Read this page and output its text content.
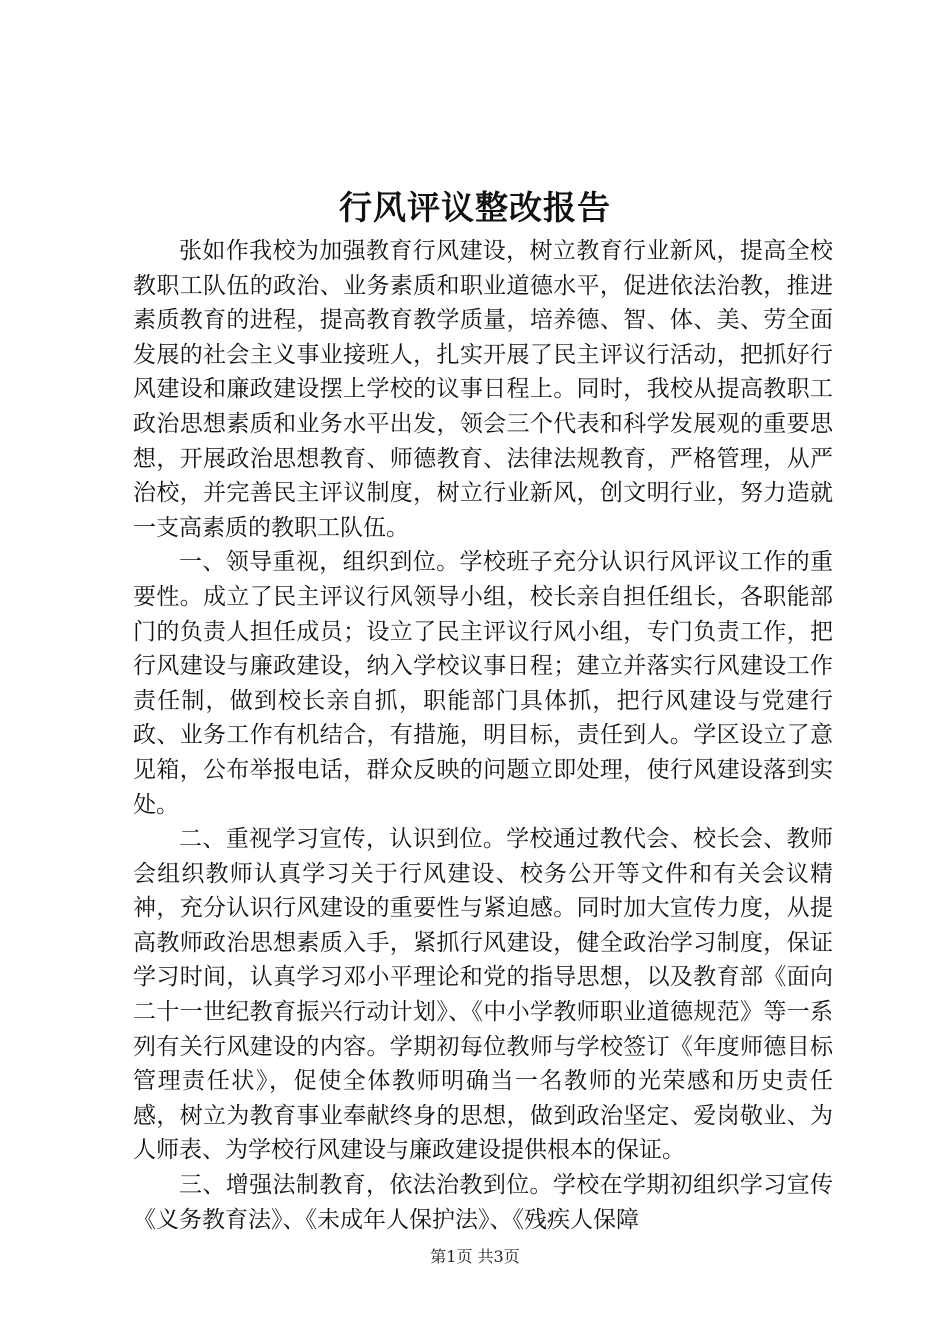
行风评议整改报告

张如作我校为加强教育行风建设，树立教育行业新风，提高全校教职工队伍的政治、业务素质和职业道德水平，促进依法治教，推进素质教育的进程，提高教育教学质量，培养德、智、体、美、劳全面发展的社会主义事业接班人，扎实开展了民主评议行活动，把抓好行风建设和廉政建设摆上学校的议事日程上。同时，我校从提高教职工政治思想素质和业务水平出发，领会三个代表和科学发展观的重要思想，开展政治思想教育、师德教育、法律法规教育，严格管理，从严治校，并完善民主评议制度，树立行业新风，创文明行业，努力造就一支高素质的教职工队伍。

一、领导重视，组织到位。学校班子充分认识行风评议工作的重要性。成立了民主评议行风领导小组，校长亲自担任组长，各职能部门的负责人担任成员；设立了民主评议行风小组，专门负责工作，把行风建设与廉政建设，纳入学校议事日程；建立并落实行风建设工作责任制，做到校长亲自抓，职能部门具体抓，把行风建设与党建行政、业务工作有机结合，有措施，明目标，责任到人。学区设立了意见箱，公布举报电话，群众反映的问题立即处理，使行风建设落到实处。

二、重视学习宣传，认识到位。学校通过教代会、校长会、教师会组织教师认真学习关于行风建设、校务公开等文件和有关会议精神，充分认识行风建设的重要性与紧迫感。同时加大宣传力度，从提高教师政治思想素质入手，紧抓行风建设，健全政治学习制度，保证学习时间，认真学习邓小平理论和党的指导思想，以及教育部《面向二十一世纪教育振兴行动计划》、《中小学教师职业道德规范》等一系列有关行风建设的内容。学期初每位教师与学校签订《年度师德目标管理责任状》，促使全体教师明确当一名教师的光荣感和历史责任感，树立为教育事业奉献终身的思想，做到政治坚定、爱岗敬业、为人师表、为学校行风建设与廉政建设提供根本的保证。

三、增强法制教育，依法治教到位。学校在学期初组织学习宣传《义务教育法》、《未成年人保护法》、《残疾人保障

第1页 共3页
